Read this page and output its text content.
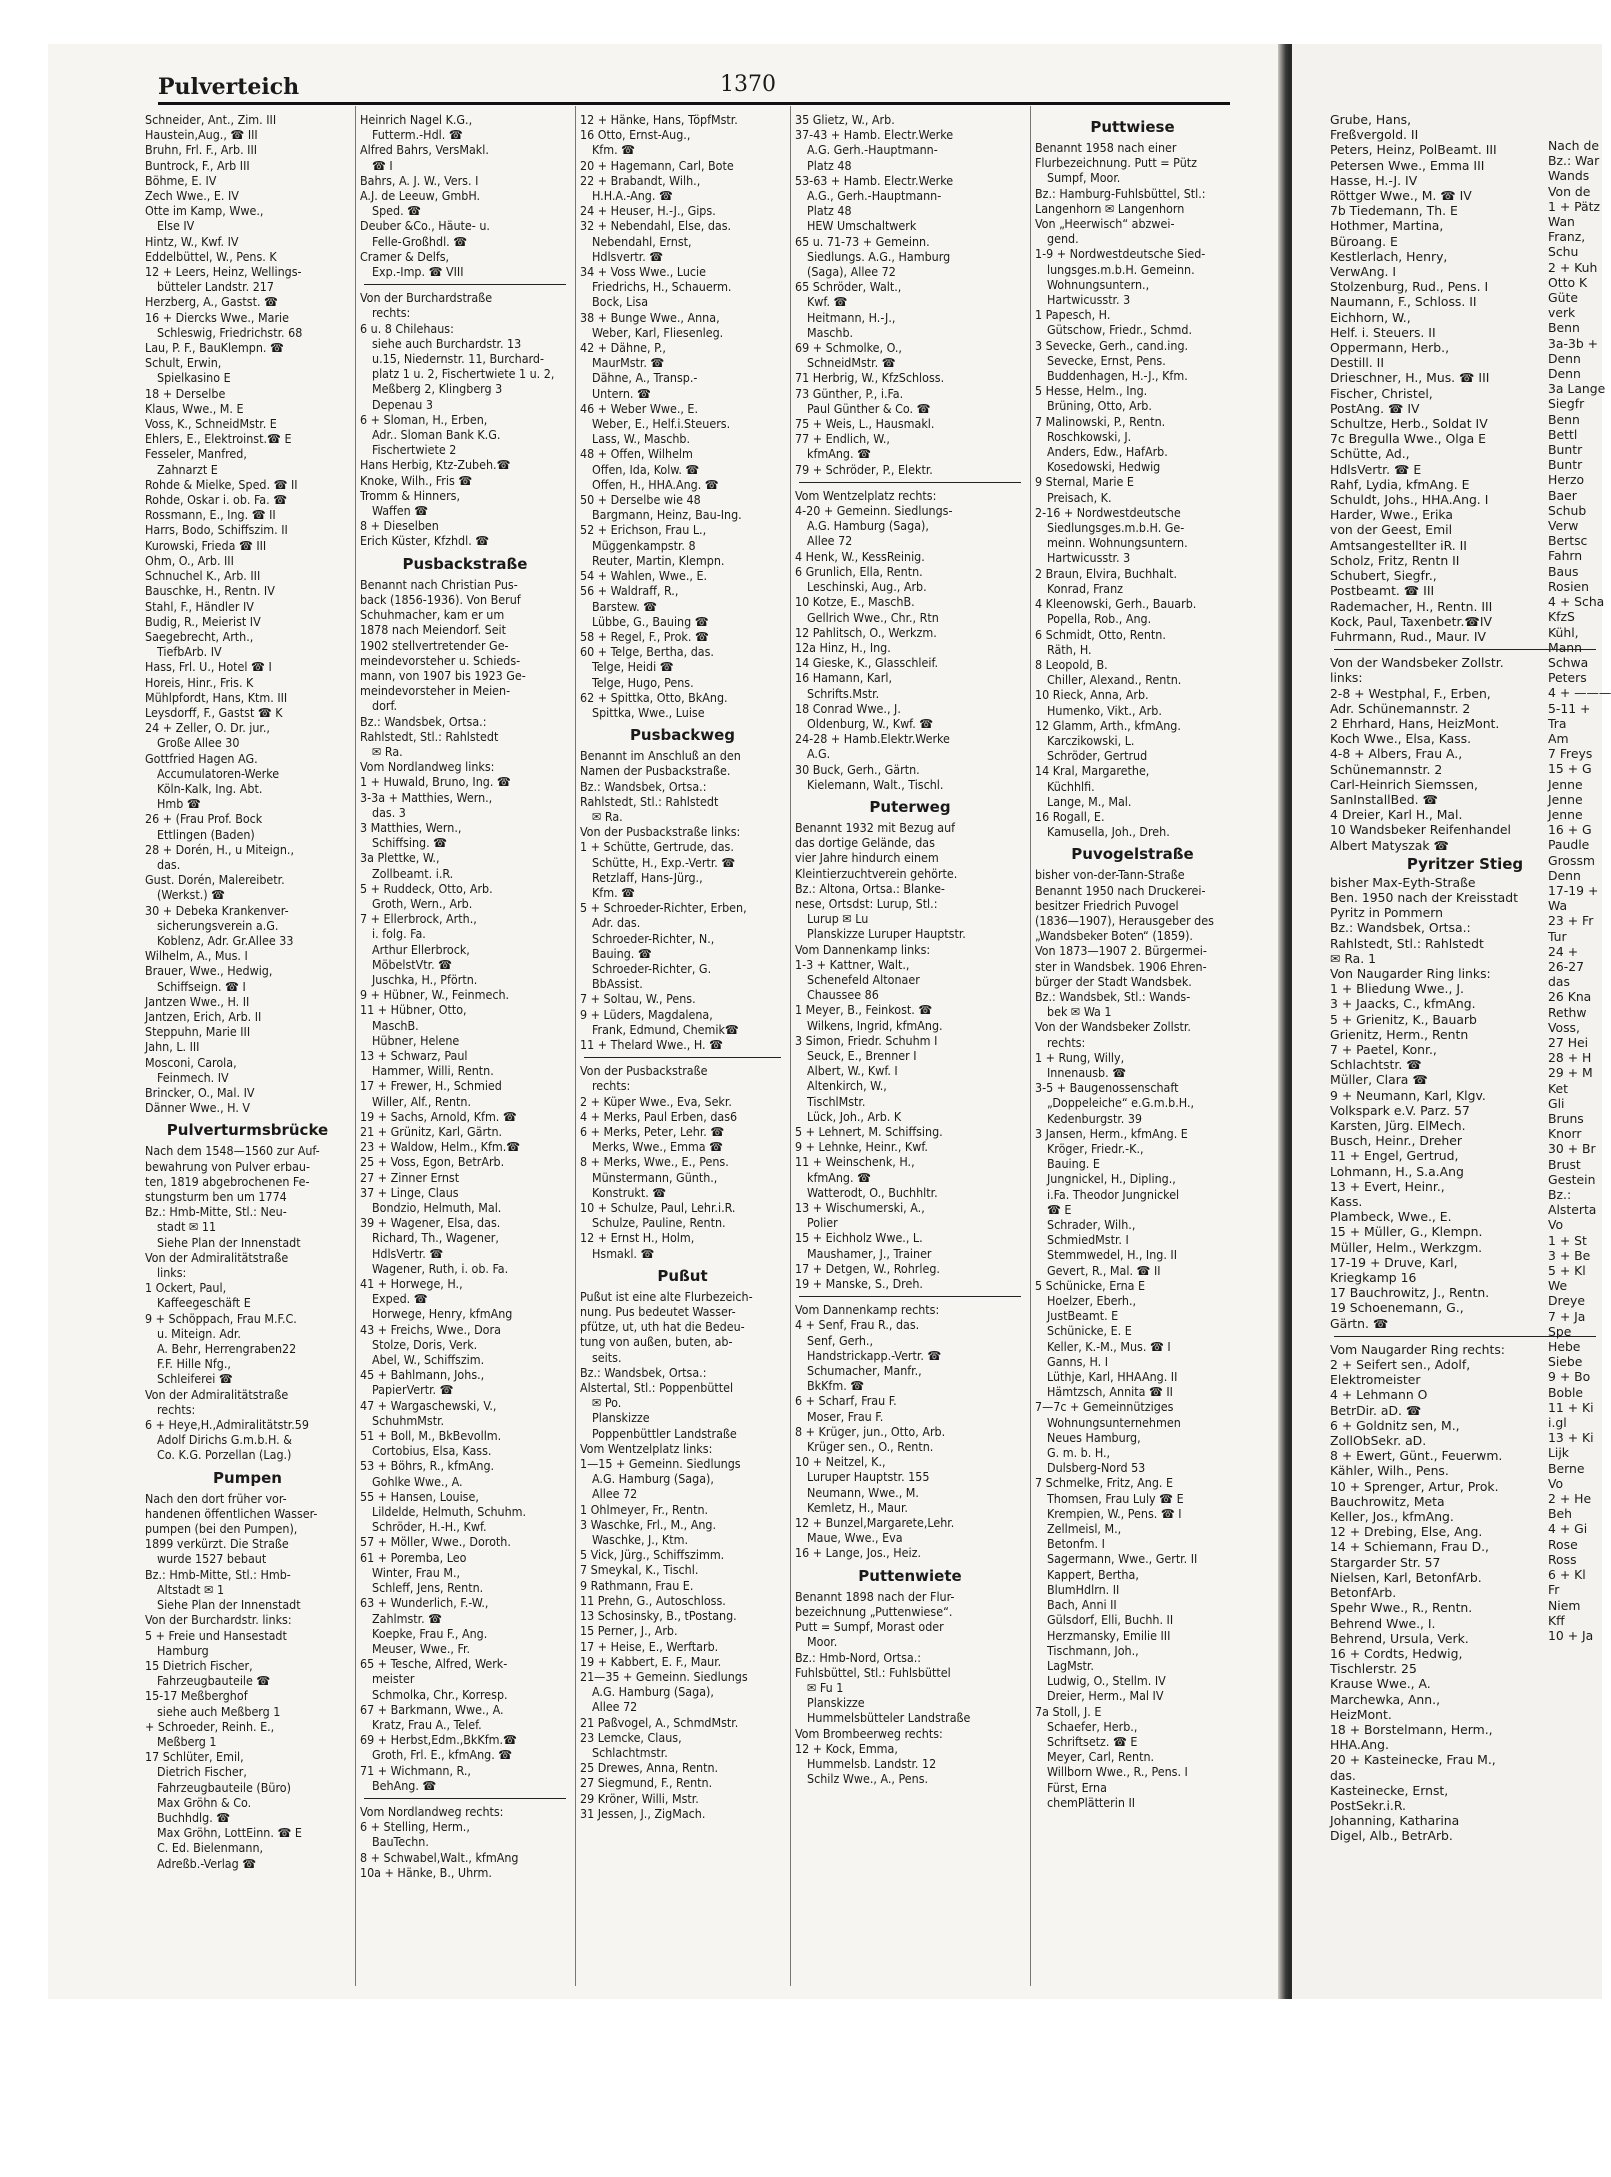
Pulverteich	1370
Schneider, Ant., Zim. III
Haustein,Aug., ☎ III
Bruhn, Frl. F., Arb. III
Buntrock, F., Arb III
Böhme, E. IV
Zech Wwe., E. IV
Otte im Kamp, Wwe.,
Else IV
Hintz, W., Kwf. IV
Eddelbüttel, W., Pens. K
12 + Leers, Heinz, Wellings-
bütteler Landstr. 217
Herzberg, A., Gastst. ☎
16 + Diercks Wwe., Marie
Schleswig, Friedrichstr. 68
Lau, P. F., BauKlempn. ☎
Schult, Erwin,
Spielkasino E
18 + Derselbe
Klaus, Wwe., M. E
Voss, K., SchneidMstr. E
Ehlers, E., Elektroinst.☎ E
Fesseler, Manfred,
Zahnarzt E
Rohde & Mielke, Sped. ☎ II
Rohde, Oskar i. ob. Fa. ☎
Rossmann, E., Ing. ☎ II
Harrs, Bodo, Schiffszim. II
Kurowski, Frieda ☎ III
Ohm, O., Arb. III
Schnuchel K., Arb. III
Bauschke, H., Rentn. IV
Stahl, F., Händler IV
Budig, R., Meierist IV
Saegebrecht, Arth.,
TiefbArb. IV
Hass, Frl. U., Hotel ☎ I
Horeis, Hinr., Fris. K
Mühlpfordt, Hans, Ktm. III
Leysdorff, F., Gastst ☎ K
24 + Zeller, O. Dr. jur.,
Große Allee 30
Gottfried Hagen AG.
Accumulatoren-Werke
Köln-Kalk, Ing. Abt.
Hmb ☎
26 + (Frau Prof. Bock
Ettlingen (Baden)
28 + Dorén, H., u Miteign.,
das.
Gust. Dorén, Malereibetr.
(Werkst.) ☎
30 + Debeka Krankenver-
sicherungsverein a.G.
Koblenz, Adr. Gr.Allee 33
Wilhelm, A., Mus. I
Brauer, Wwe., Hedwig,
Schiffseign. ☎ I
Jantzen Wwe., H. II
Jantzen, Erich, Arb. II
Steppuhn, Marie III
Jahn, L. III
Mosconi, Carola,
Feinmech. IV
Brincker, O., Mal. IV
Dänner Wwe., H. V
Pulverturmsbrücke
Nach dem 1548—1560 zur Auf-
bewahrung von Pulver erbau-
ten, 1819 abgebrochenen Fe-
stungsturm ben um 1774
Bz.: Hmb-Mitte, Stl.: Neu-
stadt ✉ 11
Siehe Plan der Innenstadt
Von der Admiralitätstraße
links:
1 Ockert, Paul,
Kaffeegeschäft E
9 + Schöppach, Frau M.F.C.
u. Miteign. Adr.
A. Behr, Herrengraben22
F.F. Hille Nfg.,
Schleiferei ☎
Von der Admiralitätstraße
rechts:
6 + Heye,H.,Admiralitätstr.59
Adolf Dirichs G.m.b.H. &
Co. K.G. Porzellan (Lag.)
Pumpen
Nach den dort früher vor-
handenen öffentlichen Wasser-
pumpen (bei den Pumpen),
1899 verkürzt. Die Straße
wurde 1527 bebaut
Bz.: Hmb-Mitte, Stl.: Hmb-
Altstadt ✉ 1
Siehe Plan der Innenstadt
Von der Burchardstr. links:
5 + Freie und Hansestadt
Hamburg
15 Dietrich Fischer,
Fahrzeugbauteile ☎
15-17 Meßberghof
siehe auch Meßberg 1
+ Schroeder, Reinh. E.,
Meßberg 1
17 Schlüter, Emil,
Dietrich Fischer,
Fahrzeugbauteile (Büro)
Max Gröhn & Co.
Buchhdlg. ☎
Max Gröhn, LottEinn. ☎ E
C. Ed. Bielenmann,
Adreßb.-Verlag ☎
Heinrich Nagel K.G.,
Futterm.-Hdl. ☎
Alfred Bahrs, VersMakl.
☎ I
Bahrs, A. J. W., Vers. I
A.J. de Leeuw, GmbH.
Sped. ☎
Deuber &Co., Häute- u.
Felle-Großhdl. ☎
Cramer & Delfs,
Exp.-Imp. ☎ VIII
Von der Burchardstraße
rechts:
6 u. 8 Chilehaus:
siehe auch Burchardstr. 13
u.15, Niedernstr. 11, Burchard-
platz 1 u. 2, Fischertwiete 1 u. 2,
Meßberg 2, Klingberg 3
Depenau 3
6 + Sloman, H., Erben,
Adr.. Sloman Bank K.G.
Fischertwiete 2
Hans Herbig, Ktz-Zubeh.☎
Knoke, Wilh., Fris ☎
Tromm & Hinners,
Waffen ☎
8 + Dieselben
Erich Küster, Kfzhdl. ☎
Pusbackstraße
Benannt nach Christian Pus-
back (1856-1936). Von Beruf
Schuhmacher, kam er um
1878 nach Meiendorf. Seit
1902 stellvertretender Ge-
meindevorsteher u. Schieds-
mann, von 1907 bis 1923 Ge-
meindevorsteher in Meien-
dorf.
Bz.: Wandsbek, Ortsa.:
Rahlstedt, Stl.: Rahlstedt
✉ Ra.
Vom Nordlandweg links:
1 + Huwald, Bruno, Ing. ☎
3-3a + Matthies, Wern.,
das. 3
3 Matthies, Wern.,
Schiffsing. ☎
3a Plettke, W.,
Zollbeamt. i.R.
5 + Ruddeck, Otto, Arb.
Groth, Wern., Arb.
7 + Ellerbrock, Arth.,
i. folg. Fa.
Arthur Ellerbrock,
MöbelstVtr. ☎
Juschka, H., Pförtn.
9 + Hübner, W., Feinmech.
11 + Hübner, Otto,
MaschB.
Hübner, Helene
13 + Schwarz, Paul
Hammer, Willi, Rentn.
17 + Frewer, H., Schmied
Willer, Alf., Rentn.
19 + Sachs, Arnold, Kfm. ☎
21 + Grünitz, Karl, Gärtn.
23 + Waldow, Helm., Kfm.☎
25 + Voss, Egon, BetrArb.
27 + Zinner Ernst
37 + Linge, Claus
Bondzio, Helmuth, Mal.
39 + Wagener, Elsa, das.
Richard, Th., Wagener,
HdlsVertr. ☎
Wagener, Ruth, i. ob. Fa.
41 + Horwege, H.,
Exped. ☎
Horwege, Henry, kfmAng
43 + Freichs, Wwe., Dora
Stolze, Doris, Verk.
Abel, W., Schiffszim.
45 + Bahlmann, Johs.,
PapierVertr. ☎
47 + Wargaschewski, V.,
SchuhmMstr.
51 + Boll, M., BkBevollm.
Cortobius, Elsa, Kass.
53 + Böhrs, R., kfmAng.
Gohlke Wwe., A.
55 + Hansen, Louise,
Lildelde, Helmuth, Schuhm.
Schröder, H.-H., Kwf.
57 + Möller, Wwe., Doroth.
61 + Poremba, Leo
Winter, Frau M.,
Schleff, Jens, Rentn.
63 + Wunderlich, F.-W.,
Zahlmstr. ☎
Koepke, Frau F., Ang.
Meuser, Wwe., Fr.
65 + Tesche, Alfred, Werk-
meister
Schmolka, Chr., Korresp.
67 + Barkmann, Wwe., A.
Kratz, Frau A., Telef.
69 + Herbst,Edm.,BkKfm.☎
Groth, Frl. E., kfmAng. ☎
71 + Wichmann, R.,
BehAng. ☎
Vom Nordlandweg rechts:
6 + Stelling, Herm.,
BauTechn.
8 + Schwabel,Walt., kfmAng
10a + Hänke, B., Uhrm.
12 + Hänke, Hans, TöpfMstr.
16 Otto, Ernst-Aug.,
Kfm. ☎
20 + Hagemann, Carl, Bote
22 + Brabandt, Wilh.,
H.H.A.-Ang. ☎
24 + Heuser, H.-J., Gips.
32 + Nebendahl, Else, das.
Nebendahl, Ernst,
Hdlsvertr. ☎
34 + Voss Wwe., Lucie
Friedrichs, H., Schauerm.
Bock, Lisa
38 + Bunge Wwe., Anna,
Weber, Karl, Fliesenleg.
42 + Dähne, P.,
MaurMstr. ☎
Dähne, A., Transp.-
Untern. ☎
46 + Weber Wwe., E.
Weber, E., Helf.i.Steuers.
Lass, W., Maschb.
48 + Offen, Wilhelm
Offen, Ida, Kolw. ☎
Offen, H., HHA.Ang. ☎
50 + Derselbe wie 48
Bargmann, Heinz, Bau-Ing.
52 + Erichson, Frau L.,
Müggenkampstr. 8
Reuter, Martin, Klempn.
54 + Wahlen, Wwe., E.
56 + Waldraff, R.,
Barstew. ☎
Lübbe, G., Bauing ☎
58 + Regel, F., Prok. ☎
60 + Telge, Bertha, das.
Telge, Heidi ☎
Telge, Hugo, Pens.
62 + Spittka, Otto, BkAng.
Spittka, Wwe., Luise
Pusbackweg
Benannt im Anschluß an den
Namen der Pusbackstraße.
Bz.: Wandsbek, Ortsa.:
Rahlstedt, Stl.: Rahlstedt
✉ Ra.
Von der Pusbackstraße links:
1 + Schütte, Gertrude, das.
Schütte, H., Exp.-Vertr. ☎
Retzlaff, Hans-Jürg.,
Kfm. ☎
5 + Schroeder-Richter, Erben,
Adr. das.
Schroeder-Richter, N.,
Bauing. ☎
Schroeder-Richter, G.
BbAssist.
7 + Soltau, W., Pens.
9 + Lüders, Magdalena,
Frank, Edmund, Chemik☎
11 + Thelard Wwe., H. ☎
Von der Pusbackstraße
rechts:
2 + Küper Wwe., Eva, Sekr.
4 + Merks, Paul Erben, das6
6 + Merks, Peter, Lehr. ☎
Merks, Wwe., Emma ☎
8 + Merks, Wwe., E., Pens.
Münstermann, Günth.,
Konstrukt. ☎
10 + Schulze, Paul, Lehr.i.R.
Schulze, Pauline, Rentn.
12 + Ernst H., Holm,
Hsmakl. ☎
Pußut
Pußut ist eine alte Flurbezeich-
nung. Pus bedeutet Wasser-
pfütze, ut, uth hat die Bedeu-
tung von außen, buten, ab-
seits.
Bz.: Wandsbek, Ortsa.:
Alstertal, Stl.: Poppenbüttel
✉ Po.
Planskizze
Poppenbüttler Landstraße
Vom Wentzelplatz links:
1—15 + Gemeinn. Siedlungs
A.G. Hamburg (Saga),
Allee 72
1 Ohlmeyer, Fr., Rentn.
3 Waschke, Frl., M., Ang.
Waschke, J., Ktm.
5 Vick, Jürg., Schiffszimm.
7 Smeykal, K., Tischl.
9 Rathmann, Frau E.
11 Prehn, G., Autoschloss.
13 Schosinsky, B., tPostang.
15 Perner, J., Arb.
17 + Heise, E., Werftarb.
19 + Kabbert, E. F., Maur.
21—35 + Gemeinn. Siedlungs
A.G. Hamburg (Saga),
Allee 72
21 Paßvogel, A., SchmdMstr.
23 Lemcke, Claus,
Schlachtmstr.
25 Drewes, Anna, Rentn.
27 Siegmund, F., Rentn.
29 Kröner, Willi, Mstr.
31 Jessen, J., ZigMach.
35 Glietz, W., Arb.
37-43 + Hamb. Electr.Werke
A.G. Gerh.-Hauptmann-
Platz 48
53-63 + Hamb. Electr.Werke
A.G., Gerh.-Hauptmann-
Platz 48
HEW Umschaltwerk
65 u. 71-73 + Gemeinn.
Siedlungs. A.G., Hamburg
(Saga), Allee 72
65 Schröder, Walt.,
Kwf. ☎
Heitmann, H.-J.,
Maschb.
69 + Schmolke, O.,
SchneidMstr. ☎
71 Herbrig, W., KfzSchloss.
73 Günther, P., i.Fa.
Paul Günther & Co. ☎
75 + Weis, L., Hausmakl.
77 + Endlich, W.,
kfmAng. ☎
79 + Schröder, P., Elektr.
Vom Wentzelplatz rechts:
4-20 + Gemeinn. Siedlungs-
A.G. Hamburg (Saga),
Allee 72
4 Henk, W., KessReinig.
6 Grunlich, Ella, Rentn.
Leschinski, Aug., Arb.
10 Kotze, E., MaschB.
Gellrich Wwe., Chr., Rtn
12 Pahlitsch, O., Werkzm.
12a Hinz, H., Ing.
14 Gieske, K., Glasschleif.
16 Hamann, Karl,
Schrifts.Mstr.
18 Conrad Wwe., J.
Oldenburg, W., Kwf. ☎
24-28 + Hamb.Elektr.Werke
A.G.
30 Buck, Gerh., Gärtn.
Kielemann, Walt., Tischl.
Puterweg
Benannt 1932 mit Bezug auf
das dortige Gelände, das
vier Jahre hindurch einem
Kleintierzuchtverein gehörte.
Bz.: Altona, Ortsa.: Blanke-
nese, Ortsdst: Lurup, Stl.:
Lurup ✉ Lu
Planskizze Luruper Hauptstr.
Vom Dannenkamp links:
1-3 + Kattner, Walt.,
Schenefeld Altonaer
Chaussee 86
1 Meyer, B., Feinkost. ☎
Wilkens, Ingrid, kfmAng.
3 Simon, Friedr. Schuhm I
Seuck, E., Brenner I
Albert, W., Kwf. I
Altenkirch, W.,
TischlMstr.
Lück, Joh., Arb. K
5 + Lehnert, M. Schiffsing.
9 + Lehnke, Heinr., Kwf.
11 + Weinschenk, H.,
kfmAng. ☎
Watterodt, O., Buchhltr.
13 + Wischumerski, A.,
Polier
15 + Eichholz Wwe., L.
Maushamer, J., Trainer
17 + Detgen, W., Rohrleg.
19 + Manske, S., Dreh.
Vom Dannenkamp rechts:
4 + Senf, Frau R., das.
Senf, Gerh.,
Handstrickapp.-Vertr. ☎
Schumacher, Manfr.,
BkKfm. ☎
6 + Scharf, Frau F.
Moser, Frau F.
8 + Krüger, jun., Otto, Arb.
Krüger sen., O., Rentn.
10 + Neitzel, K.,
Luruper Hauptstr. 155
Neumann, Wwe., M.
Kemletz, H., Maur.
12 + Bunzel,Margarete,Lehr.
Maue, Wwe., Eva
16 + Lange, Jos., Heiz.
Puttenwiete
Benannt 1898 nach der Flur-
bezeichnung „Puttenwiese“.
Putt = Sumpf, Morast oder
Moor.
Bz.: Hmb-Nord, Ortsa.:
Fuhlsbüttel, Stl.: Fuhlsbüttel
✉ Fu 1
Planskizze
Hummelsbütteler Landstraße
Vom Brombeerweg rechts:
12 + Kock, Emma,
Hummelsb. Landstr. 12
Schilz Wwe., A., Pens.
Puttwiese
Benannt 1958 nach einer
Flurbezeichnung. Putt = Pütz
Sumpf, Moor.
Bz.: Hamburg-Fuhlsbüttel, Stl.:
Langenhorn ✉ Langenhorn
Von „Heerwisch“ abzwei-
gend.
1-9 + Nordwestdeutsche Sied-
lungsges.m.b.H. Gemeinn.
Wohnungsuntern.,
Hartwicusstr. 3
1 Papesch, H.
Gütschow, Friedr., Schmd.
3 Sevecke, Gerh., cand.ing.
Sevecke, Ernst, Pens.
Buddenhagen, H.-J., Kfm.
5 Hesse, Helm., Ing.
Brüning, Otto, Arb.
7 Malinowski, P., Rentn.
Roschkowski, J.
Anders, Edw., HafArb.
Kosedowski, Hedwig
9 Sternal, Marie E
Preisach, K.
2-16 + Nordwestdeutsche
Siedlungsges.m.b.H. Ge-
meinn. Wohnungsuntern.
Hartwicusstr. 3
2 Braun, Elvira, Buchhalt.
Konrad, Franz
4 Kleenowski, Gerh., Bauarb.
Popella, Rob., Ang.
6 Schmidt, Otto, Rentn.
Räth, H.
8 Leopold, B.
Chiller, Alexand., Rentn.
10 Rieck, Anna, Arb.
Humenko, Vikt., Arb.
12 Glamm, Arth., kfmAng.
Karczikowski, L.
Schröder, Gertrud
14 Kral, Margarethe,
Küchhlfi.
Lange, M., Mal.
16 Rogall, E.
Kamusella, Joh., Dreh.
Puvogelstraße
bisher von-der-Tann-Straße
Benannt 1950 nach Druckerei-
besitzer Friedrich Puvogel
(1836—1907), Herausgeber des
„Wandsbeker Boten“ (1859).
Von 1873—1907 2. Bürgermei-
ster in Wandsbek. 1906 Ehren-
bürger der Stadt Wandsbek.
Bz.: Wandsbek, Stl.: Wands-
bek ✉ Wa 1
Von der Wandsbeker Zollstr.
rechts:
1 + Rung, Willy,
Innenausb. ☎
3-5 + Baugenossenschaft
„Doppeleiche“ e.G.m.b.H.,
Kedenburgstr. 39
3 Jansen, Herm., kfmAng. E
Kröger, Friedr.-K.,
Bauing. E
Jungnickel, H., Dipling.,
i.Fa. Theodor Jungnickel
☎ E
Schrader, Wilh.,
SchmiedMstr. I
Stemmwedel, H., Ing. II
Gevert, R., Mal. ☎ II
5 Schünicke, Erna E
Hoelzer, Eberh.,
JustBeamt. E
Schünicke, E. E
Keller, K.-M., Mus. ☎ I
Ganns, H. I
Lüthje, Karl, HHAAng. II
Hämtzsch, Annita ☎ II
7—7c + Gemeinnütziges
Wohnungsunternehmen
Neues Hamburg,
G. m. b. H.,
Dulsberg-Nord 53
7 Schmelke, Fritz, Ang. E
Thomsen, Frau Luly ☎ E
Krempien, W., Pens. ☎ I
Zellmeisl, M.,
Betonfm. I
Sagermann, Wwe., Gertr. II
Kappert, Bertha,
BlumHdlrn. II
Bach, Anni II
Gülsdorf, Elli, Buchh. II
Herzmansky, Emilie III
Tischmann, Joh.,
LagMstr.
Ludwig, O., Stellm. IV
Dreier, Herm., Mal IV
7a Stoll, J. E
Schaefer, Herb.,
Schriftsetz. ☎ E
Meyer, Carl, Rentn.
Willborn Wwe., R., Pens. I
Fürst, Erna
chemPlätterin II
Grube, Hans,
Freßvergold. II
Peters, Heinz, PolBeamt. III
Petersen Wwe., Emma III
Hasse, H.-J. IV
Röttger Wwe., M. ☎ IV
7b Tiedemann, Th. E
Hothmer, Martina,
Büroang. E
Kestlerlach, Henry,
VerwAng. I
Stolzenburg, Rud., Pens. I
Naumann, F., Schloss. II
Eichhorn, W.,
Helf. i. Steuers. II
Oppermann, Herb.,
Destill. II
Drieschner, H., Mus. ☎ III
Fischer, Christel,
PostAng. ☎ IV
Schultze, Herb., Soldat IV
7c Bregulla Wwe., Olga E
Schütte, Ad.,
HdlsVertr. ☎ E
Rahf, Lydia, kfmAng. E
Schuldt, Johs., HHA.Ang. I
Harder, Wwe., Erika
von der Geest, Emil
Amtsangestellter iR. II
Scholz, Fritz, Rentn II
Schubert, Siegfr.,
Postbeamt. ☎ III
Rademacher, H., Rentn. III
Kock, Paul, Taxenbetr.☎IV
Fuhrmann, Rud., Maur. IV
Von der Wandsbeker Zollstr.
links:
2-8 + Westphal, F., Erben,
Adr. Schünemannstr. 2
2 Ehrhard, Hans, HeizMont.
Koch Wwe., Elsa, Kass.
4-8 + Albers, Frau A.,
Schünemannstr. 2
Carl-Heinrich Siemssen,
SanInstallBed. ☎
4 Dreier, Karl H., Mal.
10 Wandsbeker Reifenhandel
Albert Matyszak ☎
Pyritzer Stieg
bisher Max-Eyth-Straße
Ben. 1950 nach der Kreisstadt
Pyritz in Pommern
Bz.: Wandsbek, Ortsa.:
Rahlstedt, Stl.: Rahlstedt
✉ Ra. 1
Von Naugarder Ring links:
1 + Bliedung Wwe., J.
3 + Jaacks, C., kfmAng.
5 + Grienitz, K., Bauarb
Grienitz, Herm., Rentn
7 + Paetel, Konr.,
Schlachtstr. ☎
Müller, Clara ☎
9 + Neumann, Karl, Klgv.
Volkspark e.V. Parz. 57
Karsten, Jürg. ElMech.
Busch, Heinr., Dreher
11 + Engel, Gertrud,
Lohmann, H., S.a.Ang
13 + Evert, Heinr.,
Kass.
Plambeck, Wwe., E.
15 + Müller, G., Klempn.
Müller, Helm., Werkzgm.
17-19 + Druve, Karl,
Kriegkamp 16
17 Bauchrowitz, J., Rentn.
19 Schoenemann, G.,
Gärtn. ☎
Vom Naugarder Ring rechts:
2 + Seifert sen., Adolf,
Elektromeister
4 + Lehmann O
BetrDir. aD. ☎
6 + Goldnitz sen, M.,
ZollObSekr. aD.
8 + Ewert, Günt., Feuerwm.
Kähler, Wilh., Pens.
10 + Sprenger, Artur, Prok.
Bauchrowitz, Meta
Keller, Jos., kfmAng.
12 + Drebing, Else, Ang.
14 + Schiemann, Frau D.,
Stargarder Str. 57
Nielsen, Karl, BetonfArb.
BetonfArb.
Spehr Wwe., R., Rentn.
Behrend Wwe., I.
Behrend, Ursula, Verk.
16 + Cordts, Hedwig,
Tischlerstr. 25
Krause Wwe., A.
Marchewka, Ann.,
HeizMont.
18 + Borstelmann, Herm.,
HHA.Ang.
20 + Kasteinecke, Frau M.,
das.
Kasteinecke, Ernst,
PostSekr.i.R.
Johanning, Katharina
Digel, Alb., BetrArb.
Nach de
Bz.: War
Wands
Von de
1 + Pätz
Wan
Franz,
Schu
2 + Kuh
Otto K
Güte
verk
Benn
3a-3b +
Denn
Denn
3a Lange
Siegfr
Benn
Bettl
Buntr
Buntr
Herzo
Baer
Schub
Verw
Bertsc
Fahrn
Baus
Rosien
4 + Scha
KfzS
Kühl,
Mann
Schwa
Peters
4 + ———
5-11 +
Tra
Am
7 Freys
15 + G
Jenne
Jenne
Jenne
16 + G
Paudle
Grossm
Denn
17-19 +
Wa
23 + Fr
Tur
24 +
26-27
das
26 Kna
Rethw
Voss,
27 Hei
28 + H
29 + M
Ket
Gli
Bruns
Knorr
30 + Br
Brust
Gestein
Bz.:
Alsterta
Vo
1 + St
3 + Be
5 + Kl
We
Dreye
7 + Ja
Spe
Hebe
Siebe
9 + Bo
Boble
11 + Ki
i.gl
13 + Ki
Lijk
Berne
Vo
2 + He
Beh
4 + Gi
Rose
Ross
6 + Kl
Fr
Niem
Kff
10 + Ja
